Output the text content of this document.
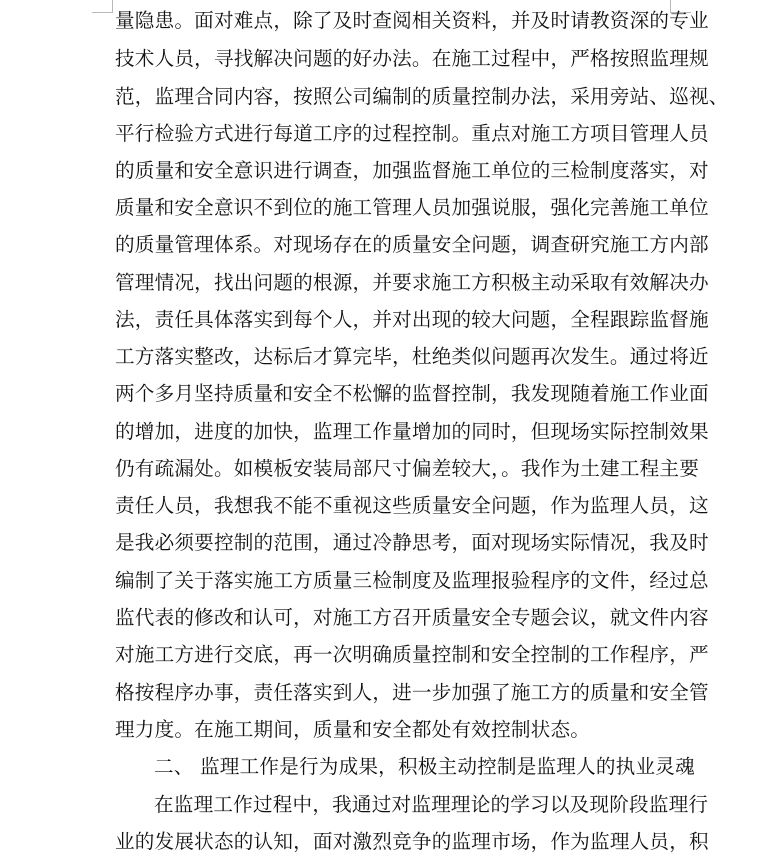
量隐患。面对难点，除了及时查阅相关资料，并及时请教资深的专业
技术人员，寻找解决问题的好办法。在施工过程中，严格按照监理规
范，监理合同内容，按照公司编制的质量控制办法，采用旁站、巡视、
平行检验方式进行每道工序的过程控制。重点对施工方项目管理人员
的质量和安全意识进行调查，加强监督施工单位的三检制度落实，对
质量和安全意识不到位的施工管理人员加强说服，强化完善施工单位
的质量管理体系。对现场存在的质量安全问题，调查研究施工方内部
管理情况，找出问题的根源，并要求施工方积极主动采取有效解决办
法，责任具体落实到每个人，并对出现的较大问题，全程跟踪监督施
工方落实整改，达标后才算完毕，杜绝类似问题再次发生。通过将近
两个多月坚持质量和安全不松懈的监督控制，我发现随着施工作业面
的增加，进度的加快，监理工作量增加的同时，但现场实际控制效果
仍有疏漏处。如模板安装局部尺寸偏差较大，。我作为土建工程主要
责任人员，我想我不能不重视这些质量安全问题，作为监理人员，这
是我必须要控制的范围，通过冷静思考，面对现场实际情况，我及时
编制了关于落实施工方质量三检制度及监理报验程序的文件，经过总
监代表的修改和认可，对施工方召开质量安全专题会议，就文件内容
对施工方进行交底，再一次明确质量控制和安全控制的工作程序，严
格按程序办事，责任落实到人，进一步加强了施工方的质量和安全管
理力度。在施工期间，质量和安全都处有效控制状态。
二、 监理工作是行为成果，积极主动控制是监理人的执业灵魂
在监理工作过程中，我通过对监理理论的学习以及现阶段监理行
业的发展状态的认知，面对激烈竞争的监理市场，作为监理人员，积
